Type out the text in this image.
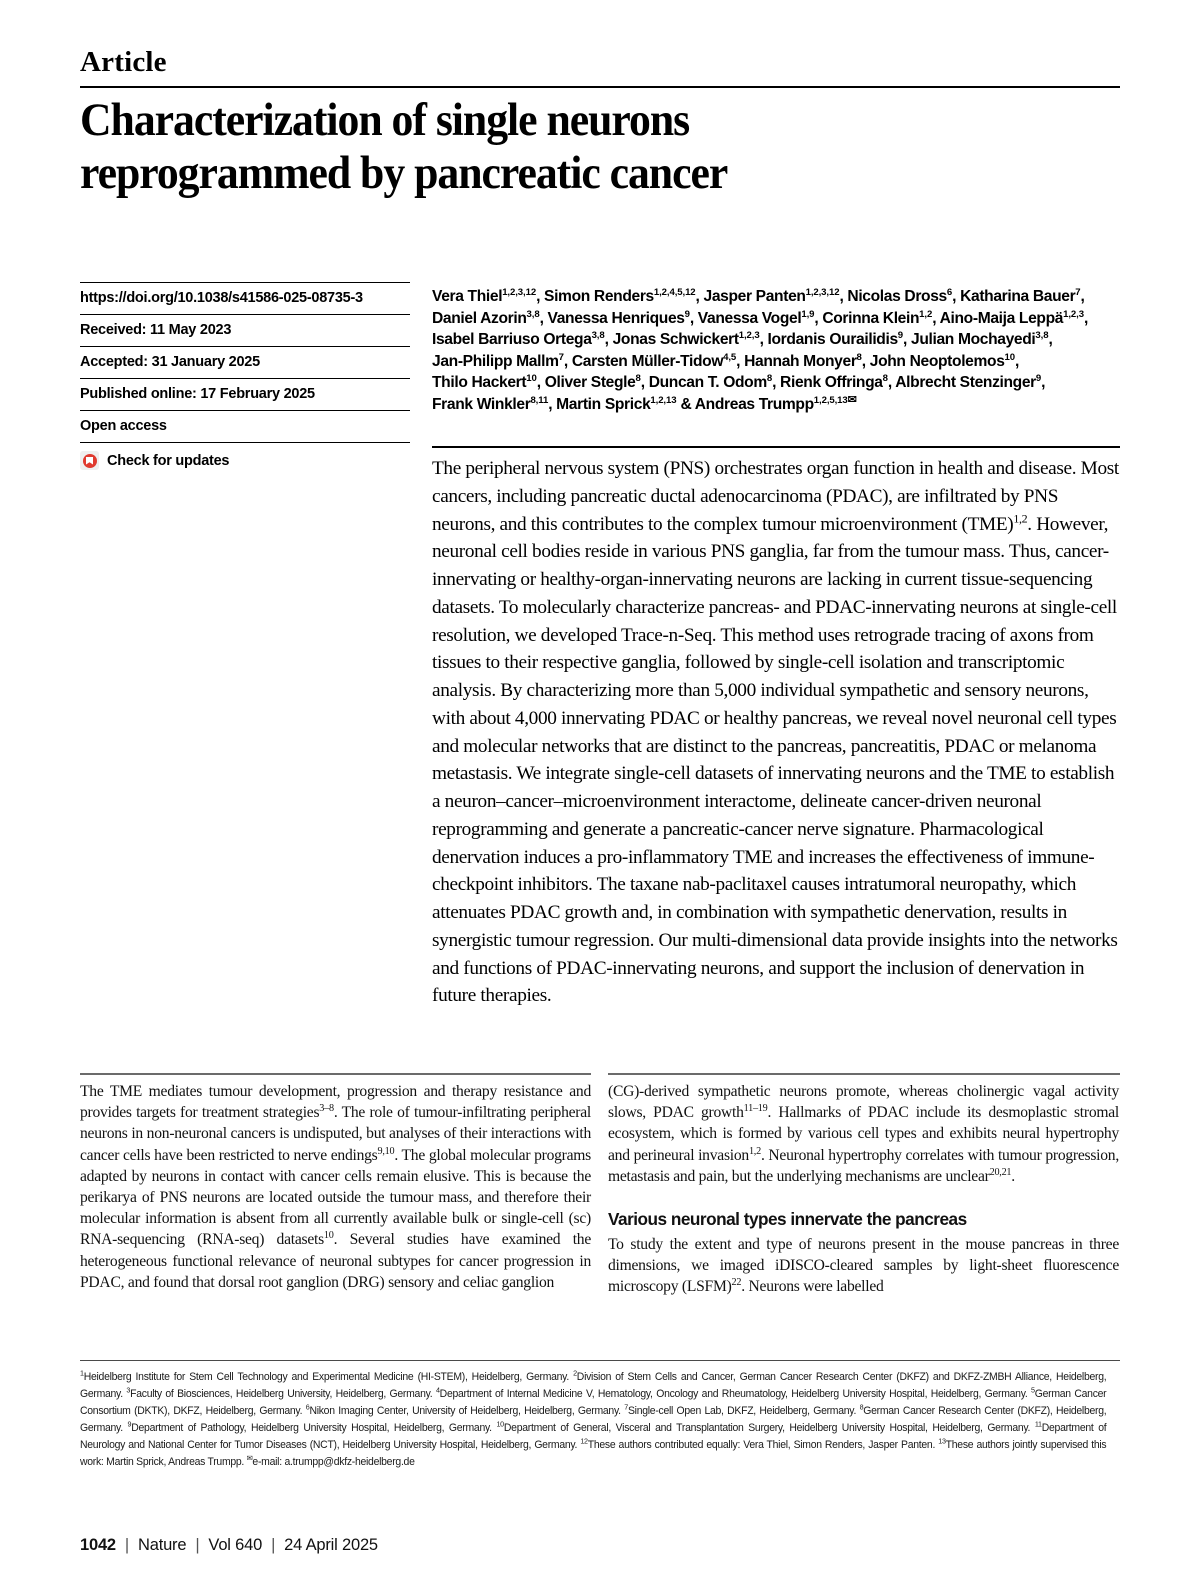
Article
Characterization of single neurons
reprogrammed by pancreatic cancer
https://doi.org/10.1038/s41586-025-08735-3
Received: 11 May 2023
Accepted: 31 January 2025
Published online: 17 February 2025
Open access
Check for updates
Vera Thiel$^{1,2,3,12}$, Simon Renders$^{1,2,4,5,12}$, Jasper Panten$^{1,2,3,12}$, Nicolas Dross$^6$, Katharina Bauer$^7$,
Daniel Azorin$^{3,8}$, Vanessa Henriques$^9$, Vanessa Vogel$^{1,9}$, Corinna Klein$^{1,2}$, Aino-Maija Leppä$^{1,2,3}$,
Isabel Barriuso Ortega$^{3,8}$, Jonas Schwickert$^{1,2,3}$, Iordanis Ourailidis$^9$, Julian Mochayedi$^{3,8}$,
Jan-Philipp Mallm$^7$, Carsten Müller-Tidow$^{4,5}$, Hannah Monyer$^8$, John Neoptolemos$^{10}$,
Thilo Hackert$^{10}$, Oliver Stegle$^8$, Duncan T. Odom$^8$, Rienk Offringa$^8$, Albrecht Stenzinger$^9$,
Frank Winkler$^{8,11}$, Martin Sprick$^{1,2,13}$ & Andreas Trumpp$^{1,2,5,13✉}$
The peripheral nervous system (PNS) orchestrates organ function in health and disease. Most cancers, including pancreatic ductal adenocarcinoma (PDAC), are infiltrated by PNS neurons, and this contributes to the complex tumour microenvironment (TME)$^{1,2}$. However, neuronal cell bodies reside in various PNS ganglia, far from the tumour mass. Thus, cancer-innervating or healthy-organ-innervating neurons are lacking in current tissue-sequencing datasets. To molecularly characterize pancreas- and PDAC-innervating neurons at single-cell resolution, we developed Trace-n-Seq. This method uses retrograde tracing of axons from tissues to their respective ganglia, followed by single-cell isolation and transcriptomic analysis. By characterizing more than 5,000 individual sympathetic and sensory neurons, with about 4,000 innervating PDAC or healthy pancreas, we reveal novel neuronal cell types and molecular networks that are distinct to the pancreas, pancreatitis, PDAC or melanoma metastasis. We integrate single-cell datasets of innervating neurons and the TME to establish a neuron–cancer–microenvironment interactome, delineate cancer-driven neuronal reprogramming and generate a pancreatic-cancer nerve signature. Pharmacological denervation induces a pro-inflammatory TME and increases the effectiveness of immune-checkpoint inhibitors. The taxane nab-paclitaxel causes intratumoral neuropathy, which attenuates PDAC growth and, in combination with sympathetic denervation, results in synergistic tumour regression. Our multi-dimensional data provide insights into the networks and functions of PDAC-innervating neurons, and support the inclusion of denervation in future therapies.

The TME mediates tumour development, progression and therapy resistance and provides targets for treatment strategies$^{3-8}$. The role of tumour-infiltrating peripheral neurons in non-neuronal cancers is undisputed, but analyses of their interactions with cancer cells have been restricted to nerve endings$^{9,10}$. The global molecular programs adapted by neurons in contact with cancer cells remain elusive. This is because the perikarya of PNS neurons are located outside the tumour mass, and therefore their molecular information is absent from all currently available bulk or single-cell (sc) RNA-sequencing (RNA-seq) datasets$^{10}$. Several studies have examined the heterogeneous functional relevance of neuronal subtypes for cancer progression in PDAC, and found that dorsal root ganglion (DRG) sensory and celiac ganglion

(CG)-derived sympathetic neurons promote, whereas cholinergic vagal activity slows, PDAC growth$^{11-19}$. Hallmarks of PDAC include its desmoplastic stromal ecosystem, which is formed by various cell types and exhibits neural hypertrophy and perineural invasion$^{1,2}$. Neuronal hypertrophy correlates with tumour progression, metastasis and pain, but the underlying mechanisms are unclear$^{20,21}$.

Various neuronal types innervate the pancreas

To study the extent and type of neurons present in the mouse pancreas in three dimensions, we imaged iDISCO-cleared samples by light-sheet fluorescence microscopy (LSFM)$^{22}$. Neurons were labelled

$^1$Heidelberg Institute for Stem Cell Technology and Experimental Medicine (HI-STEM), Heidelberg, Germany. $^2$Division of Stem Cells and Cancer, German Cancer Research Center (DKFZ) and DKFZ-ZMBH Alliance, Heidelberg, Germany. $^3$Faculty of Biosciences, Heidelberg University, Heidelberg, Germany. $^4$Department of Internal Medicine V, Hematology, Oncology and Rheumatology, Heidelberg University Hospital, Heidelberg, Germany. $^5$German Cancer Consortium (DKTK), DKFZ, Heidelberg, Germany. $^6$Nikon Imaging Center, University of Heidelberg, Heidelberg, Germany. $^7$Single-cell Open Lab, DKFZ, Heidelberg, Germany. $^8$German Cancer Research Center (DKFZ), Heidelberg, Germany. $^9$Department of Pathology, Heidelberg University Hospital, Heidelberg, Germany. $^{10}$Department of General, Visceral and Transplantation Surgery, Heidelberg University Hospital, Heidelberg, Germany. $^{11}$Department of Neurology and National Center for Tumor Diseases (NCT), Heidelberg University Hospital, Heidelberg, Germany. $^{12}$These authors contributed equally: Vera Thiel, Simon Renders, Jasper Panten. $^{13}$These authors jointly supervised this work: Martin Sprick, Andreas Trumpp. ✉e-mail: a.trumpp@dkfz-heidelberg.de
1042 | Nature | Vol 640 | 24 April 2025
